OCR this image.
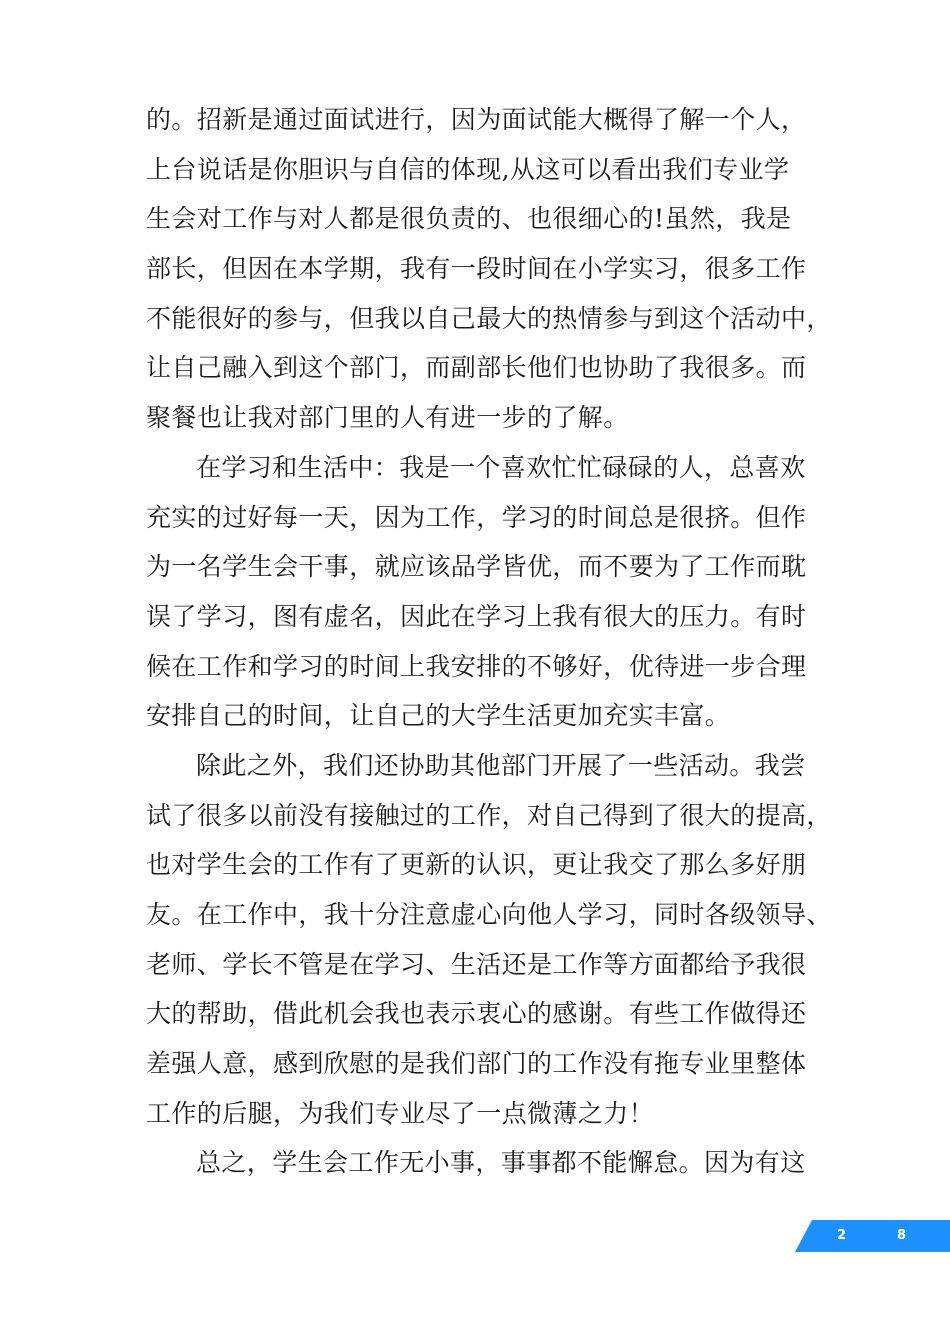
的。招新是通过面试进行，因为面试能大概得了解一个人，
上台说话是你胆识与自信的体现,从这可以看出我们专业学
生会对工作与对人都是很负责的、也很细心的!虽然，我是
部长，但因在本学期，我有一段时间在小学实习，很多工作
不能很好的参与，但我以自己最大的热情参与到这个活动中，
让自己融入到这个部门，而副部长他们也协助了我很多。而
聚餐也让我对部门里的人有进一步的了解。
在学习和生活中：我是一个喜欢忙忙碌碌的人，总喜欢
充实的过好每一天，因为工作，学习的时间总是很挤。但作
为一名学生会干事，就应该品学皆优，而不要为了工作而耽
误了学习，图有虚名，因此在学习上我有很大的压力。有时
候在工作和学习的时间上我安排的不够好，优待进一步合理
安排自己的时间，让自己的大学生活更加充实丰富。
除此之外，我们还协助其他部门开展了一些活动。我尝
试了很多以前没有接触过的工作，对自己得到了很大的提高，
也对学生会的工作有了更新的认识，更让我交了那么多好朋
友。在工作中，我十分注意虚心向他人学习，同时各级领导、
老师、学长不管是在学习、生活还是工作等方面都给予我很
大的帮助，借此机会我也表示衷心的感谢。有些工作做得还
差强人意，感到欣慰的是我们部门的工作没有拖专业里整体
工作的后腿，为我们专业尽了一点微薄之力！
总之，学生会工作无小事，事事都不能懈怠。因为有这
2	8
